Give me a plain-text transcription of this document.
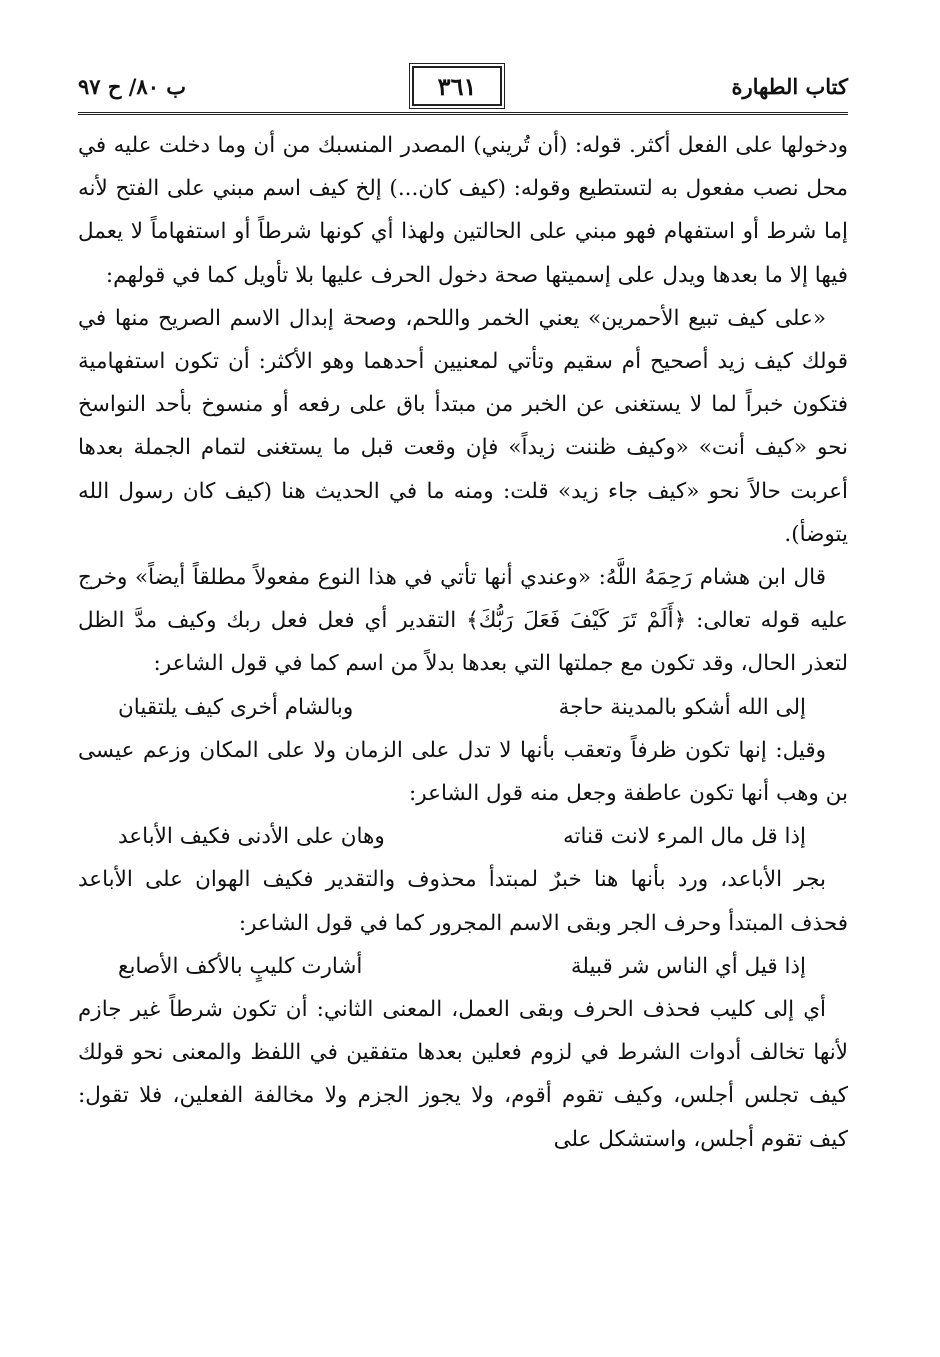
كتاب الطهارة
٣٦١
ب ٨٠/ ح ٩٧

ودخولها على الفعل أكثر. قوله: (أن تُريني) المصدر المنسبك من أن وما دخلت عليه في محل نصب مفعول به لتستطيع وقوله: (كيف كان...) إلخ كيف اسم مبني على الفتح لأنه إما شرط أو استفهام فهو مبني على الحالتين ولهذا أي كونها شرطاً أو استفهاماً لا يعمل فيها إلا ما بعدها ويدل على إسميتها صحة دخول الحرف عليها بلا تأويل كما في قولهم:

«على كيف تبيع الأحمرين» يعني الخمر واللحم، وصحة إبدال الاسم الصريح منها في قولك كيف زيد أصحيح أم سقيم وتأتي لمعنيين أحدهما وهو الأكثر: أن تكون استفهامية فتكون خبراً لما لا يستغنى عن الخبر من مبتدأ باق على رفعه أو منسوخ بأحد النواسخ نحو «كيف أنت» «وكيف ظننت زيداً» فإن وقعت قبل ما يستغنى لتمام الجملة بعدها أعربت حالاً نحو «كيف جاء زيد» قلت: ومنه ما في الحديث هنا (كيف كان رسول الله يتوضأ).

قال ابن هشام رَحِمَهُ اللَّهُ: «وعندي أنها تأتي في هذا النوع مفعولاً مطلقاً أيضاً» وخرج عليه قوله تعالى: ﴿أَلَمْ تَرَ كَيْفَ فَعَلَ رَبُّكَ﴾ التقدير أي فعل فعل ربك وكيف مدَّ الظل لتعذر الحال، وقد تكون مع جملتها التي بعدها بدلاً من اسم كما في قول الشاعر:

إلى الله أشكو بالمدينة حاجة
وبالشام أخرى كيف يلتقيان

وقيل: إنها تكون ظرفاً وتعقب بأنها لا تدل على الزمان ولا على المكان وزعم عيسى بن وهب أنها تكون عاطفة وجعل منه قول الشاعر:

إذا قل مال المرء لانت قناته
وهان على الأدنى فكيف الأباعد

بجر الأباعد، ورد بأنها هنا خبرٌ لمبتدأ محذوف والتقدير فكيف الهوان على الأباعد فحذف المبتدأ وحرف الجر وبقى الاسم المجرور كما في قول الشاعر:

إذا قيل أي الناس شر قبيلة
أشارت كليبٍ بالأكف الأصابع

أي إلى كليب فحذف الحرف وبقى العمل، المعنى الثاني: أن تكون شرطاً غير جازم لأنها تخالف أدوات الشرط في لزوم فعلين بعدها متفقين في اللفظ والمعنى نحو قولك كيف تجلس أجلس، وكيف تقوم أقوم، ولا يجوز الجزم ولا مخالفة الفعلين، فلا تقول: كيف تقوم أجلس، واستشكل على
